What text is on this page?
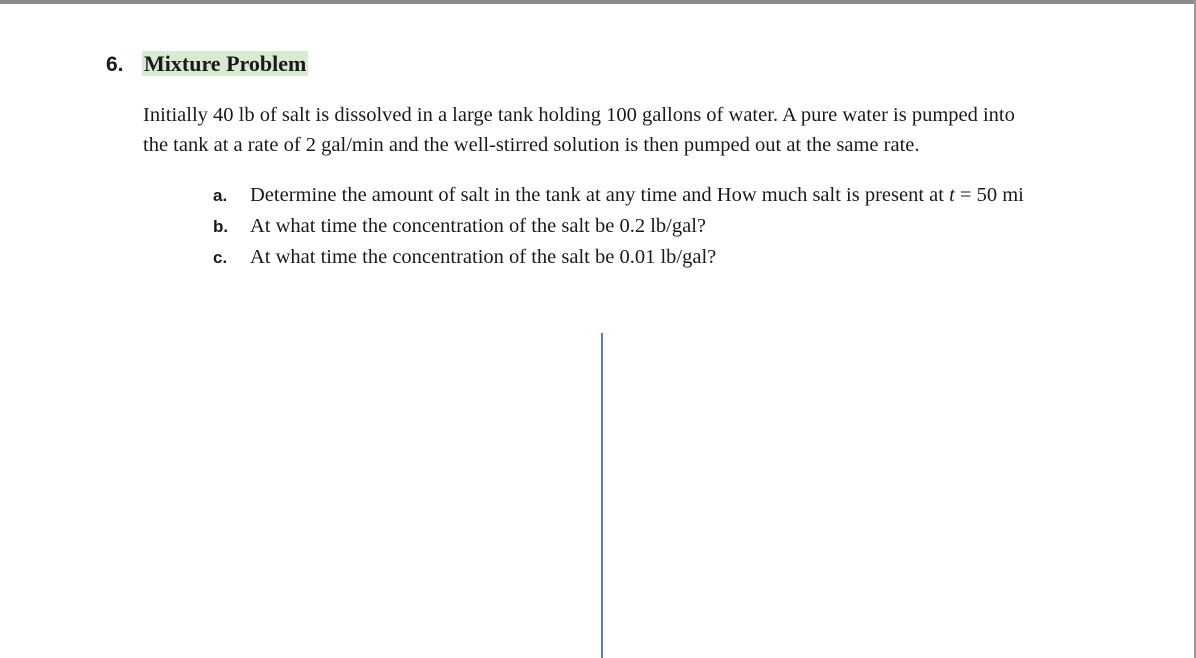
6. Mixture Problem
Initially 40 lb of salt is dissolved in a large tank holding 100 gallons of water. A pure water is pumped into
the tank at a rate of 2 gal/min and the well-stirred solution is then pumped out at the same rate.
a. Determine the amount of salt in the tank at any time and How much salt is present at t = 50 mi
b. At what time the concentration of the salt be 0.2 lb/gal?
c. At what time the concentration of the salt be 0.01 lb/gal?
